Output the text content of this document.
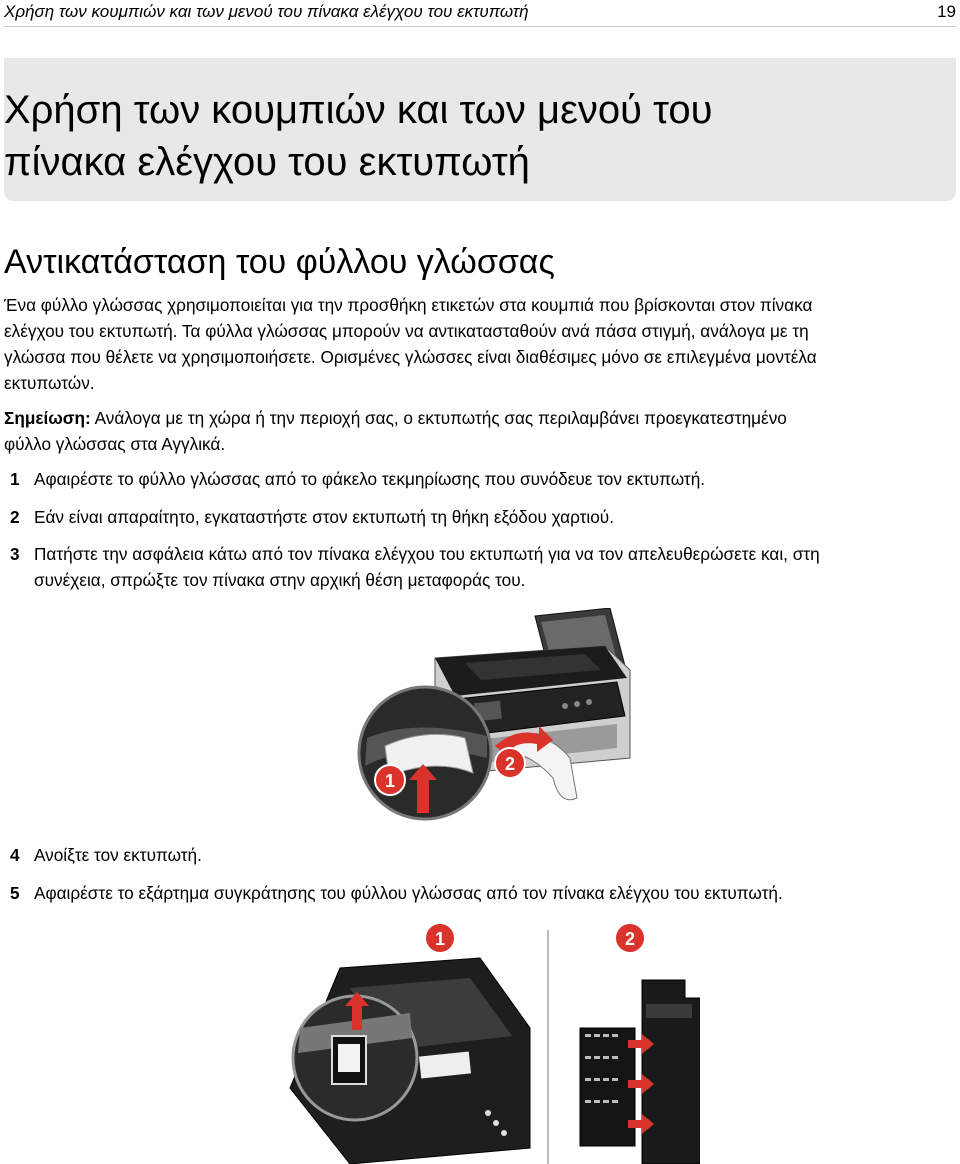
Χρήση των κουμπιών και των μενού του πίνακα ελέγχου του εκτυπωτή	19
Χρήση των κουμπιών και των μενού του
πίνακα ελέγχου του εκτυπωτή
Αντικατάσταση του φύλλου γλώσσας

Ένα φύλλο γλώσσας χρησιμοποιείται για την προσθήκη ετικετών στα κουμπιά που βρίσκονται στον πίνακα
ελέγχου του εκτυπωτή. Τα φύλλα γλώσσας μπορούν να αντικατασταθούν ανά πάσα στιγμή, ανάλογα με τη
γλώσσα που θέλετε να χρησιμοποιήσετε. Ορισμένες γλώσσες είναι διαθέσιμες μόνο σε επιλεγμένα μοντέλα
εκτυπωτών.

Σημείωση: Ανάλογα με τη χώρα ή την περιοχή σας, ο εκτυπωτής σας περιλαμβάνει προεγκατεστημένο
φύλλο γλώσσας στα Αγγλικά.

1 Αφαιρέστε το φύλλο γλώσσας από το φάκελο τεκμηρίωσης που συνόδευε τον εκτυπωτή.
2 Εάν είναι απαραίτητο, εγκαταστήστε στον εκτυπωτή τη θήκη εξόδου χαρτιού.
3 Πατήστε την ασφάλεια κάτω από τον πίνακα ελέγχου του εκτυπωτή για να τον απελευθερώσετε και, στη
συνέχεια, σπρώξτε τον πίνακα στην αρχική θέση μεταφοράς του.
1
2
4 Ανοίξτε τον εκτυπωτή.
5 Αφαιρέστε το εξάρτημα συγκράτησης του φύλλου γλώσσας από τον πίνακα ελέγχου του εκτυπωτή.
1	2
